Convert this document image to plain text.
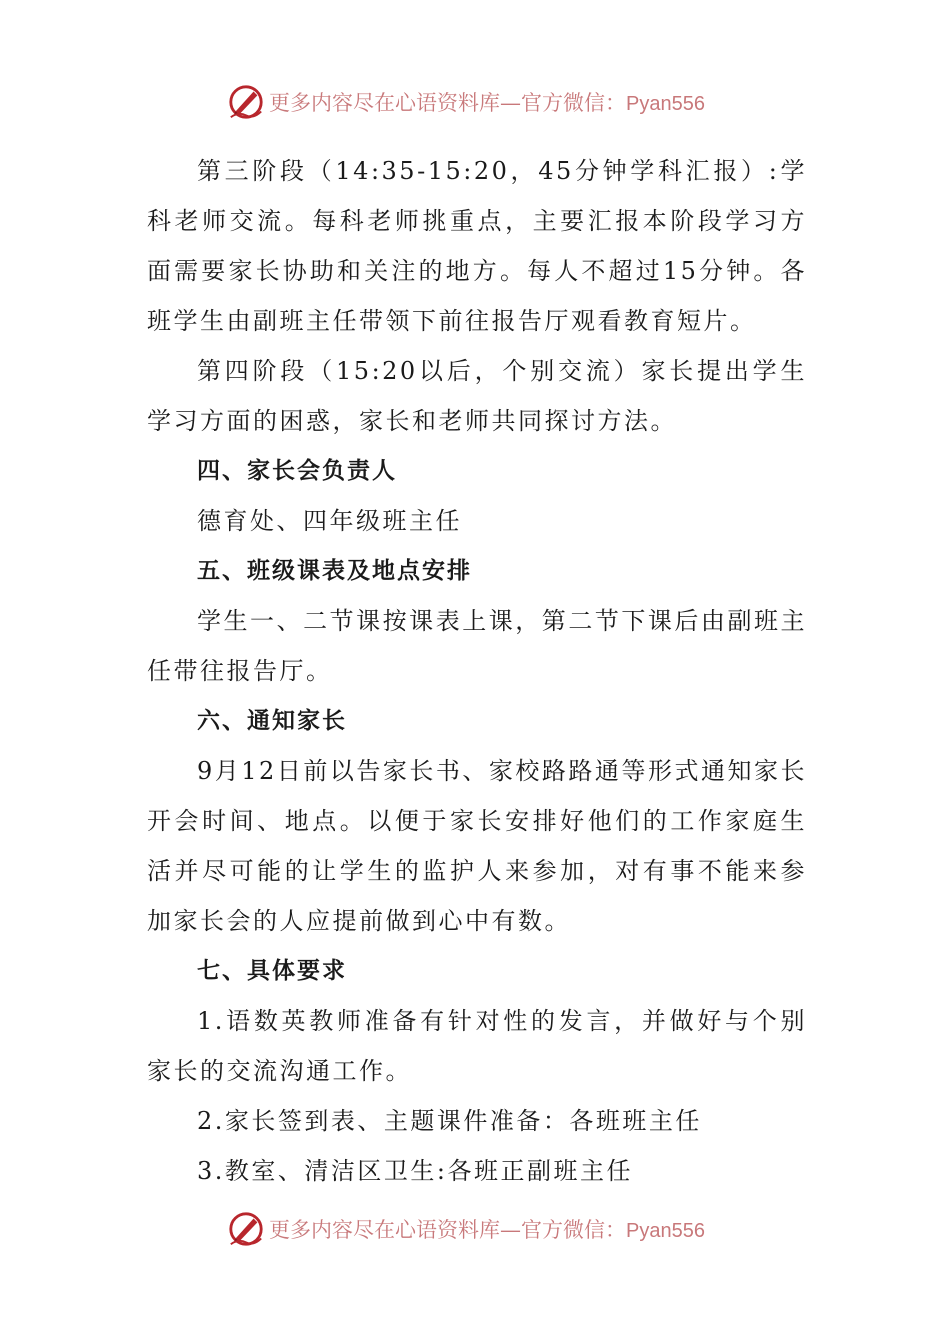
更多内容尽在心语资料库—官方微信：Pyan556

第三阶段（14:35-15:20，45分钟学科汇报）:学科老师交流。每科老师挑重点，主要汇报本阶段学习方面需要家长协助和关注的地方。每人不超过15分钟。各班学生由副班主任带领下前往报告厅观看教育短片。

第四阶段（15:20以后，个别交流）家长提出学生学习方面的困惑，家长和老师共同探讨方法。

四、家长会负责人

德育处、四年级班主任

五、班级课表及地点安排

学生一、二节课按课表上课，第二节下课后由副班主任带往报告厅。

六、通知家长

9月12日前以告家长书、家校路路通等形式通知家长开会时间、地点。以便于家长安排好他们的工作家庭生活并尽可能的让学生的监护人来参加，对有事不能来参加家长会的人应提前做到心中有数。

七、具体要求

1.语数英教师准备有针对性的发言，并做好与个别家长的交流沟通工作。

2.家长签到表、主题课件准备：各班班主任

3.教室、清洁区卫生:各班正副班主任

更多内容尽在心语资料库—官方微信：Pyan556
